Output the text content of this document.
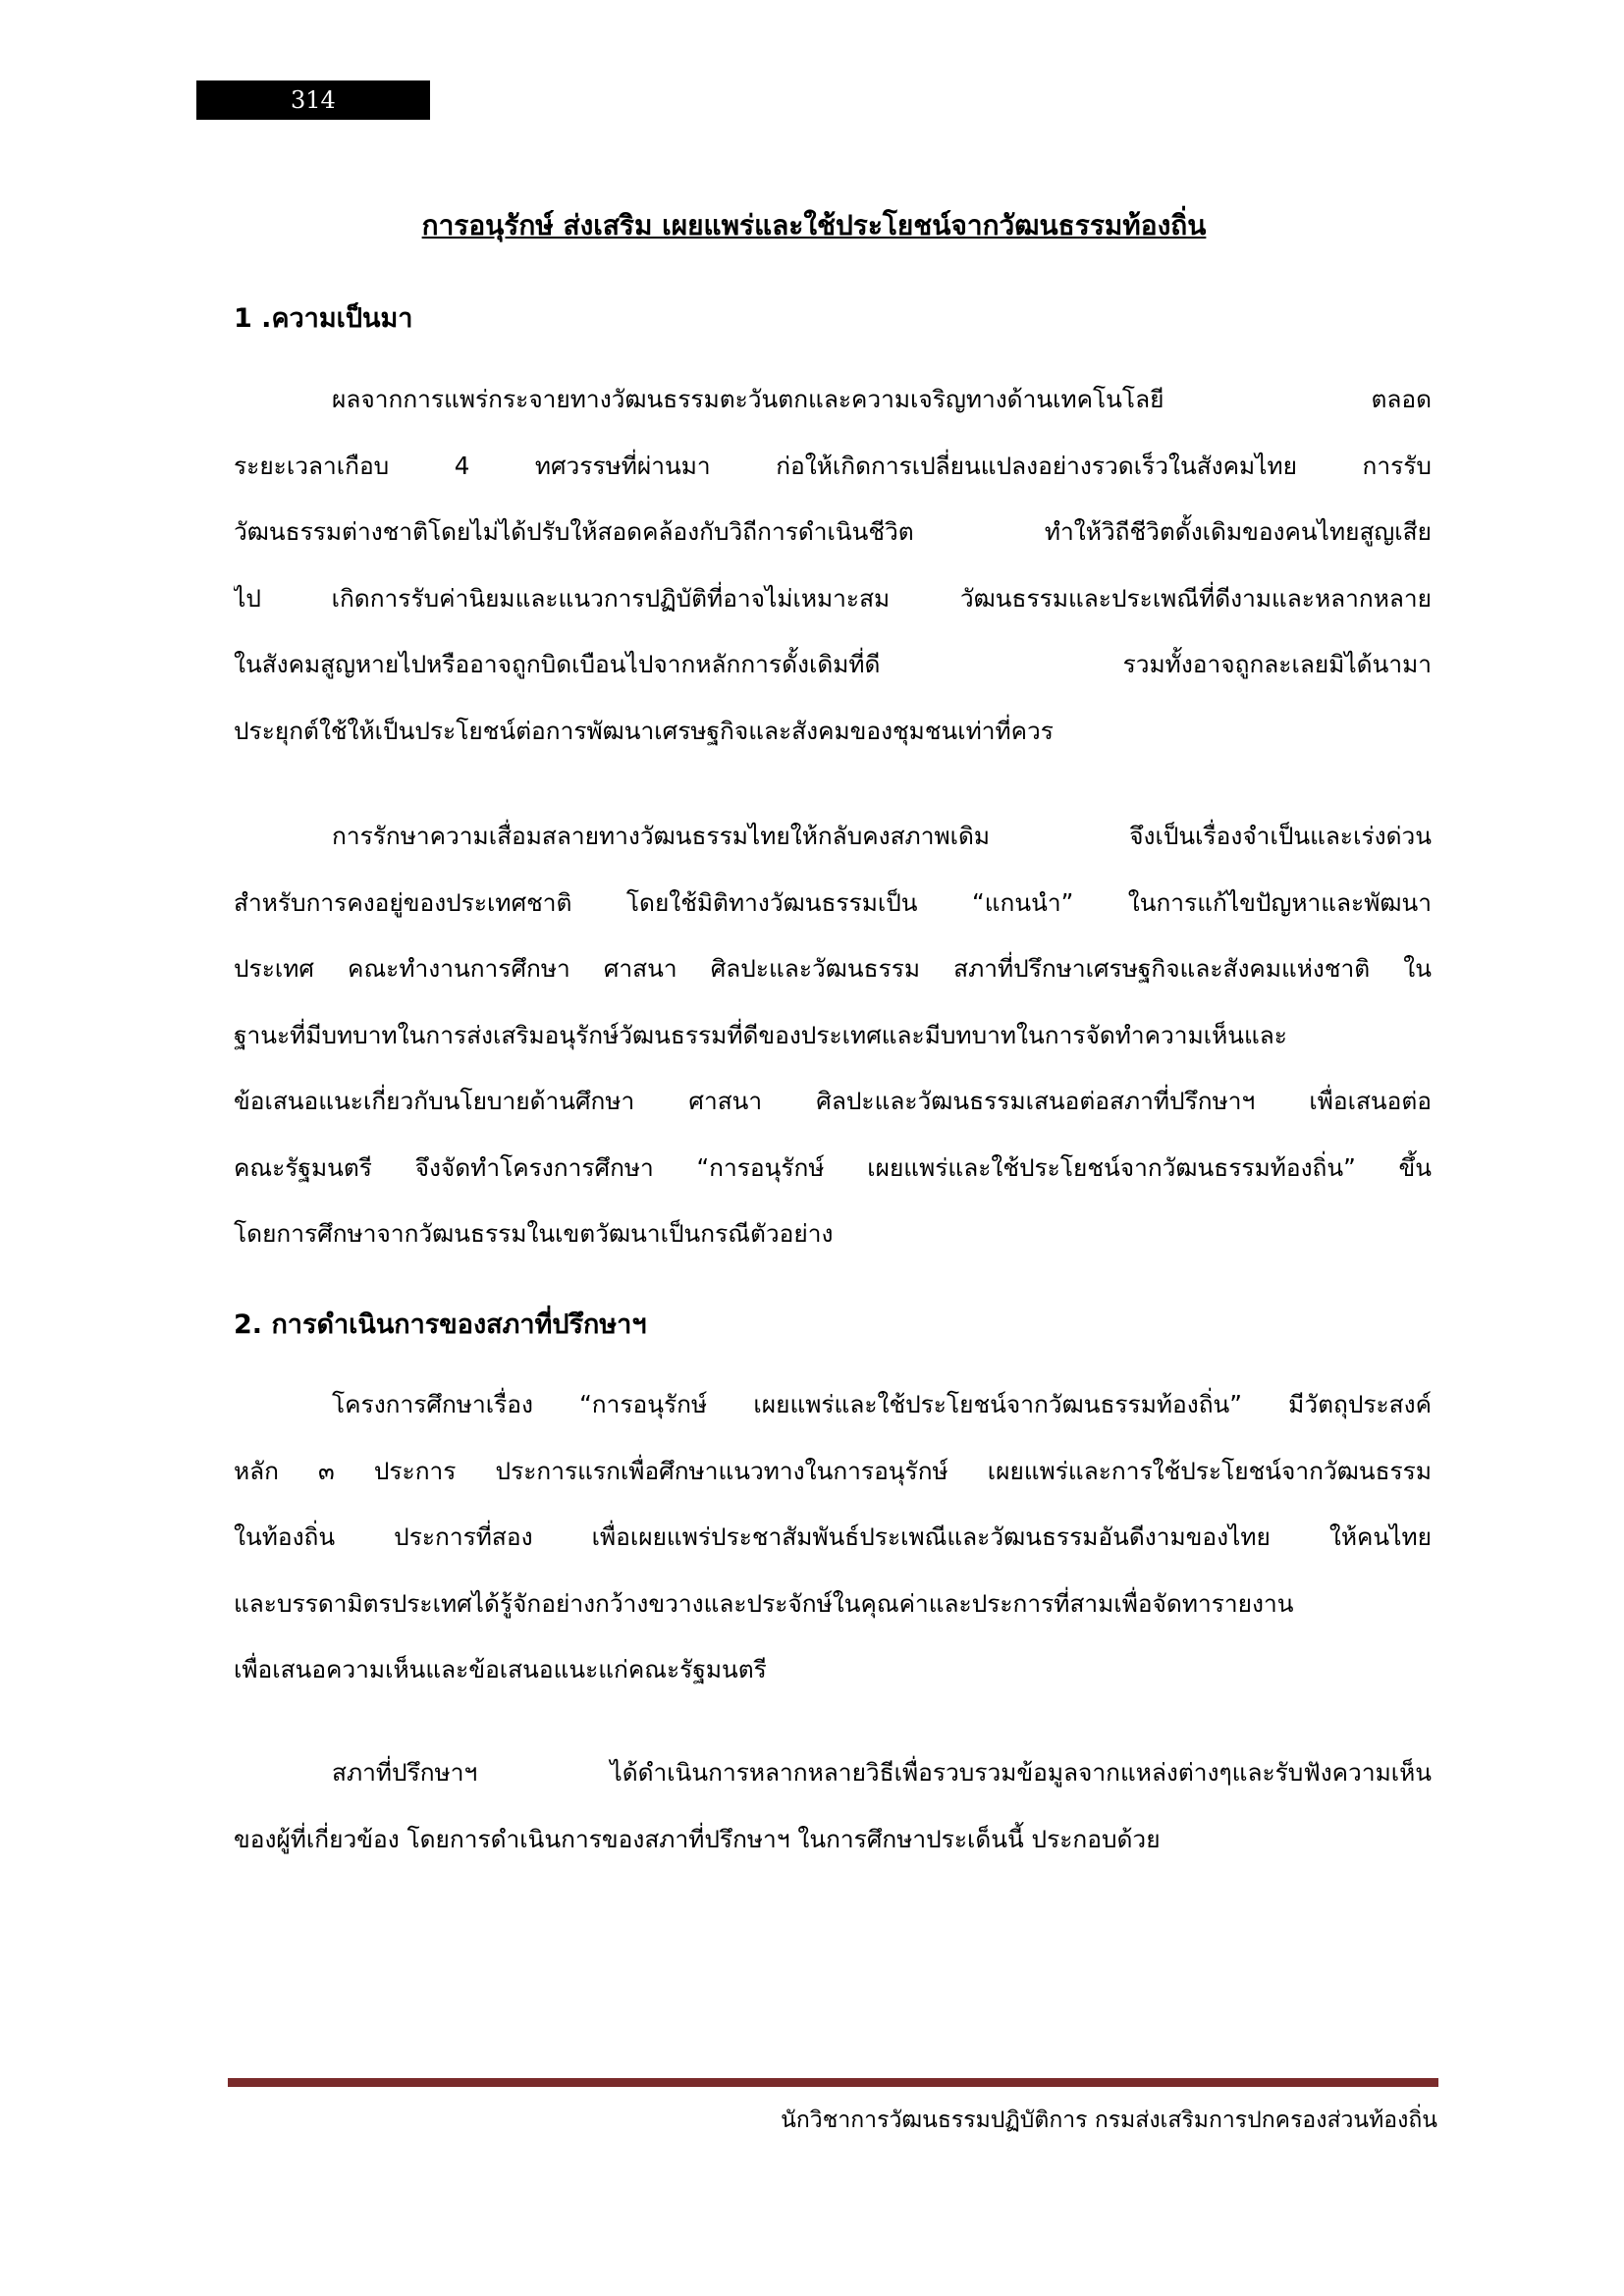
314
การอนุรักษ์ ส่งเสริม เผยแพร่และใช้ประโยชน์จากวัฒนธรรมท้องถิ่น
1 .ความเป็นมา
ผลจากการแพร่กระจายทางวัฒนธรรมตะวันตกและความเจริญทางด้านเทคโนโลยี ตลอด
ระยะเวลาเกือบ 4 ทศวรรษที่ผ่านมา ก่อให้เกิดการเปลี่ยนแปลงอย่างรวดเร็วในสังคมไทย การรับ
วัฒนธรรมต่างชาติโดยไม่ได้ปรับให้สอดคล้องกับวิถีการดำเนินชีวิต ทำให้วิถีชีวิตดั้งเดิมของคนไทยสูญเสีย
ไป เกิดการรับค่านิยมและแนวการปฏิบัติที่อาจไม่เหมาะสม วัฒนธรรมและประเพณีที่ดีงามและหลากหลาย
ในสังคมสูญหายไปหรืออาจถูกบิดเบือนไปจากหลักการดั้งเดิมที่ดี รวมทั้งอาจถูกละเลยมิได้นามา
ประยุกต์ใช้ให้เป็นประโยชน์ต่อการพัฒนาเศรษฐกิจและสังคมของชุมชนเท่าที่ควร
การรักษาความเสื่อมสลายทางวัฒนธรรมไทยให้กลับคงสภาพเดิม จึงเป็นเรื่องจำเป็นและเร่งด่วน
สำหรับการคงอยู่ของประเทศชาติ โดยใช้มิติทางวัฒนธรรมเป็น “แกนนำ” ในการแก้ไขปัญหาและพัฒนา
ประเทศ คณะทำงานการศึกษา ศาสนา ศิลปะและวัฒนธรรม สภาที่ปรึกษาเศรษฐกิจและสังคมแห่งชาติ ใน
ฐานะที่มีบทบาทในการส่งเสริมอนุรักษ์วัฒนธรรมที่ดีของประเทศและมีบทบาทในการจัดทำความเห็นและ
ข้อเสนอแนะเกี่ยวกับนโยบายด้านศึกษา ศาสนา ศิลปะและวัฒนธรรมเสนอต่อสภาที่ปรึกษาฯ เพื่อเสนอต่อ
คณะรัฐมนตรี จึงจัดทำโครงการศึกษา “การอนุรักษ์ เผยแพร่และใช้ประโยชน์จากวัฒนธรรมท้องถิ่น” ขึ้น
โดยการศึกษาจากวัฒนธรรมในเขตวัฒนาเป็นกรณีตัวอย่าง
2. การดำเนินการของสภาที่ปรึกษาฯ
โครงการศึกษาเรื่อง “การอนุรักษ์ เผยแพร่และใช้ประโยชน์จากวัฒนธรรมท้องถิ่น” มีวัตถุประสงค์
หลัก ๓ ประการ ประการแรกเพื่อศึกษาแนวทางในการอนุรักษ์ เผยแพร่และการใช้ประโยชน์จากวัฒนธรรม
ในท้องถิ่น ประการที่สอง เพื่อเผยแพร่ประชาสัมพันธ์ประเพณีและวัฒนธรรมอันดีงามของไทย ให้คนไทย
และบรรดามิตรประเทศได้รู้จักอย่างกว้างขวางและประจักษ์ในคุณค่าและประการที่สามเพื่อจัดทารายงาน
เพื่อเสนอความเห็นและข้อเสนอแนะแก่คณะรัฐมนตรี
สภาที่ปรึกษาฯ ได้ดำเนินการหลากหลายวิธีเพื่อรวบรวมข้อมูลจากแหล่งต่างๆและรับฟังความเห็น
ของผู้ที่เกี่ยวข้อง โดยการดำเนินการของสภาที่ปรึกษาฯ ในการศึกษาประเด็นนี้ ประกอบด้วย
นักวิชาการวัฒนธรรมปฏิบัติการ กรมส่งเสริมการปกครองส่วนท้องถิ่น
